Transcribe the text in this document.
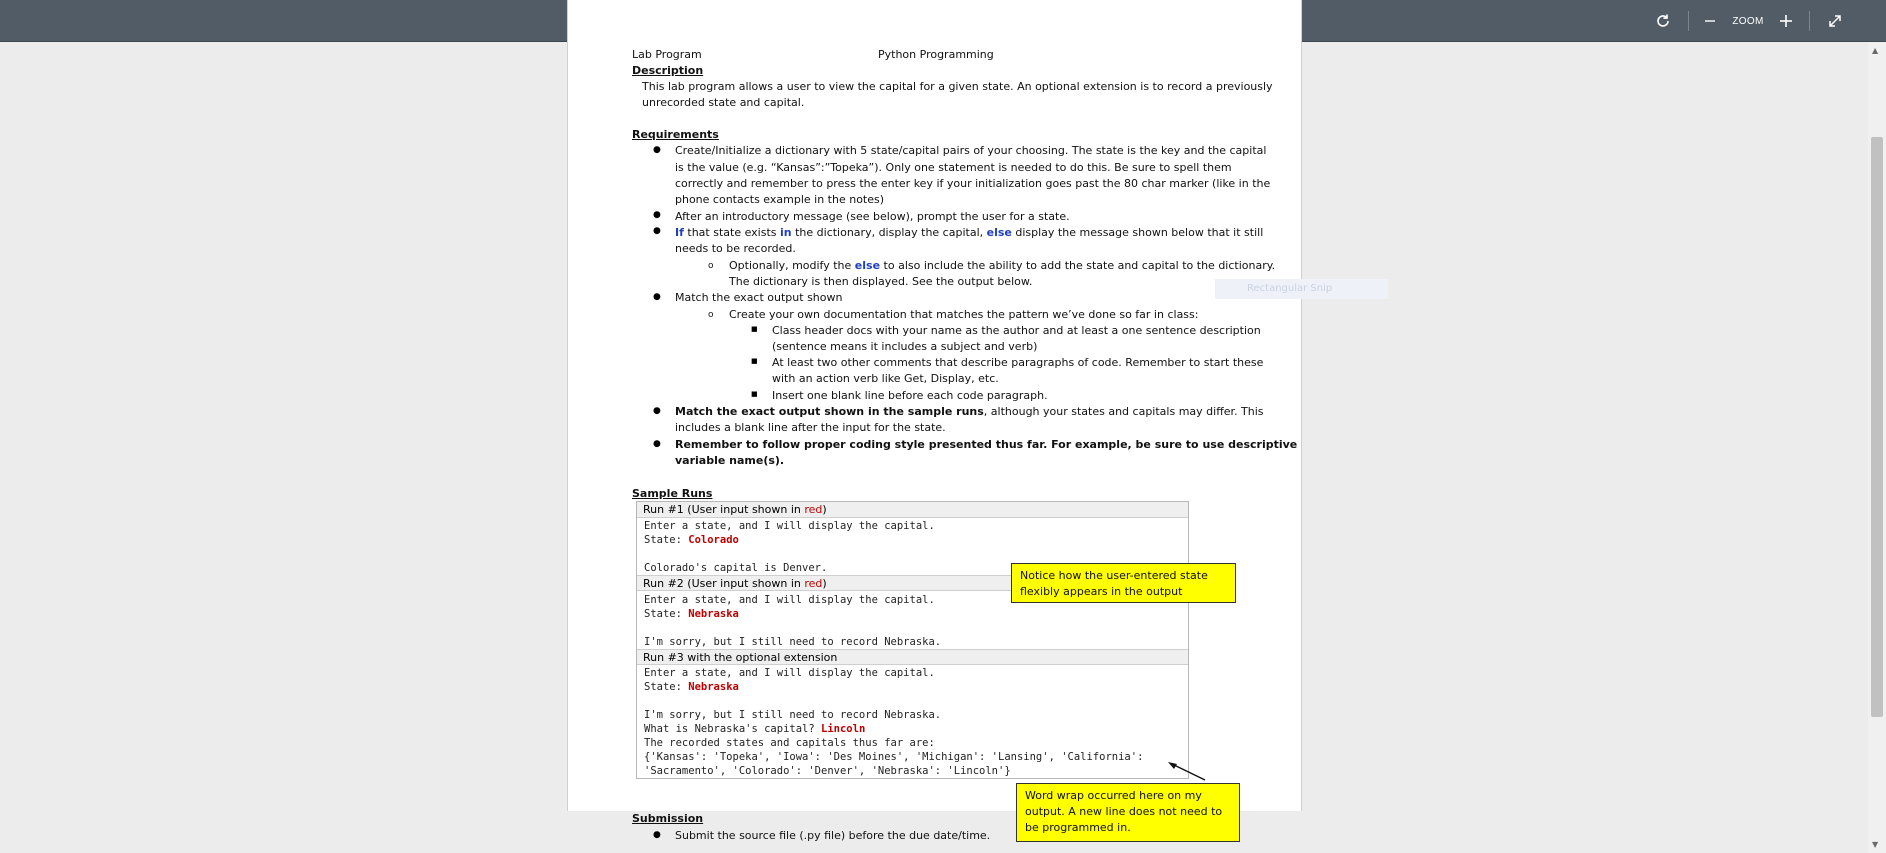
ZOOM
Lab Program	Python Programming
Description
This lab program allows a user to view the capital for a given state. An optional extension is to record a previously
unrecorded state and capital.
Requirements
● Create/Initialize a dictionary with 5 state/capital pairs of your choosing. The state is the key and the capital
is the value (e.g. “Kansas”:”Topeka”). Only one statement is needed to do this. Be sure to spell them
correctly and remember to press the enter key if your initialization goes past the 80 char marker (like in the
phone contacts example in the notes)
● After an introductory message (see below), prompt the user for a state.
● If that state exists in the dictionary, display the capital, else display the message shown below that it still
needs to be recorded.
o Optionally, modify the else to also include the ability to add the state and capital to the dictionary.
The dictionary is then displayed. See the output below.
● Match the exact output shown
o Create your own documentation that matches the pattern we’ve done so far in class:
■ Class header docs with your name as the author and at least a one sentence description
(sentence means it includes a subject and verb)
■ At least two other comments that describe paragraphs of code. Remember to start these
with an action verb like Get, Display, etc.
■ Insert one blank line before each code paragraph.
● Match the exact output shown in the sample runs, although your states and capitals may differ. This
includes a blank line after the input for the state.
● Remember to follow proper coding style presented thus far. For example, be sure to use descriptive
variable name(s).
Sample Runs
Run #1 (User input shown in red)
Enter a state, and I will display the capital.
State: Colorado
Colorado's capital is Denver.
Run #2 (User input shown in red)
Enter a state, and I will display the capital.
State: Nebraska
I'm sorry, but I still need to record Nebraska.
Run #3 with the optional extension
Enter a state, and I will display the capital.
State: Nebraska
I'm sorry, but I still need to record Nebraska.
What is Nebraska's capital? Lincoln
The recorded states and capitals thus far are:
{'Kansas': 'Topeka', 'Iowa': 'Des Moines', 'Michigan': 'Lansing', 'California':
'Sacramento', 'Colorado': 'Denver', 'Nebraska': 'Lincoln'}
Notice how the user-entered state
flexibly appears in the output
Word wrap occurred here on my
output. A new line does not need to
be programmed in.
Submission
● Submit the source file (.py file) before the due date/time.
Rectangular Snip
▲
▼
